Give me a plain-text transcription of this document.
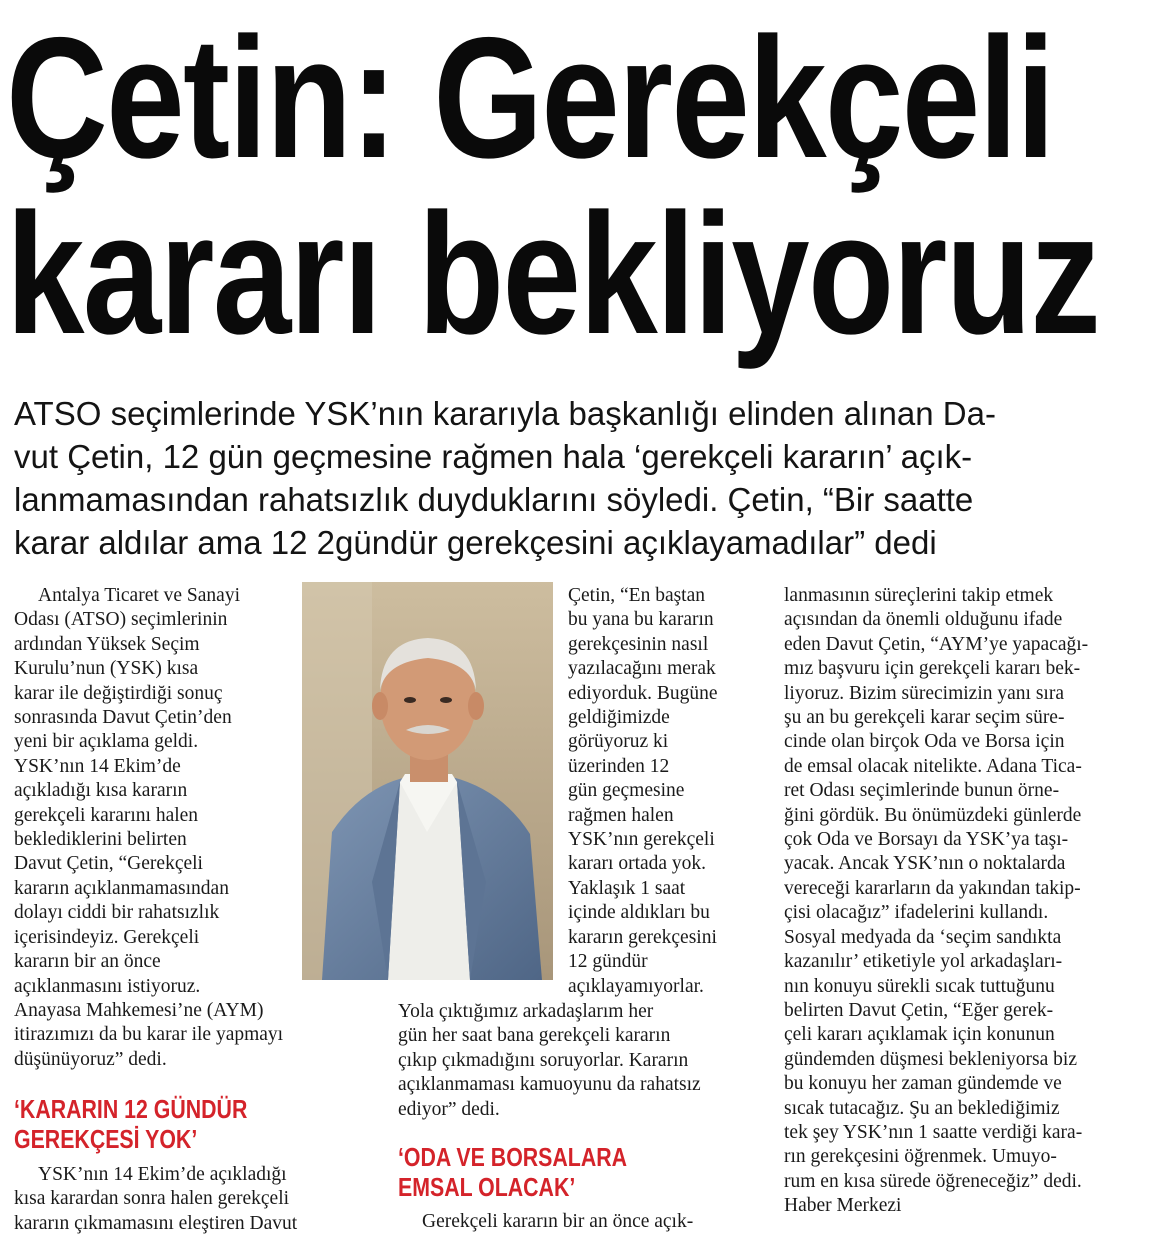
Çetin: Gerekçeli
kararı bekliyoruz
ATSO seçimlerinde YSK’nın kararıyla başkanlığı elinden alınan Da-
vut Çetin, 12 gün geçmesine rağmen hala ‘gerekçeli kararın’ açık-
lanmamasından rahatsızlık duyduklarını söyledi. Çetin, “Bir saatte
karar aldılar ama 12 2gündür gerekçesini açıklayamadılar” dedi
Antalya Ticaret ve Sanayi
Odası (ATSO) seçimlerinin
ardından Yüksek Seçim
Kurulu’nun (YSK) kısa
karar ile değiştirdiği sonuç
sonrasında Davut Çetin’den
yeni bir açıklama geldi.
YSK’nın 14 Ekim’de
açıkladığı kısa kararın
gerekçeli kararını halen
beklediklerini belirten
Davut Çetin, “Gerekçeli
kararın açıklanmamasından
dolayı ciddi bir rahatsızlık
içerisindeyiz. Gerekçeli
kararın bir an önce
açıklanmasını istiyoruz.
Anayasa Mahkemesi’ne (AYM)
itirazımızı da bu karar ile yapmayı
düşünüyoruz” dedi.
‘KARARIN 12 GÜNDÜR
GEREKÇESİ YOK’
YSK’nın 14 Ekim’de açıkladığı
kısa karardan sonra halen gerekçeli
kararın çıkmamasını eleştiren Davut
Çetin, “En baştan
bu yana bu kararın
gerekçesinin nasıl
yazılacağını merak
ediyorduk. Bugüne
geldiğimizde
görüyoruz ki
üzerinden 12
gün geçmesine
rağmen halen
YSK’nın gerekçeli
kararı ortada yok.
Yaklaşık 1 saat
içinde aldıkları bu
kararın gerekçesini
12 gündür
açıklayamıyorlar.
Yola çıktığımız arkadaşlarım her
gün her saat bana gerekçeli kararın
çıkıp çıkmadığını soruyorlar. Kararın
açıklanmaması kamuoyunu da rahatsız
ediyor” dedi.
‘ODA VE BORSALARA
EMSAL OLACAK’
Gerekçeli kararın bir an önce açık-
lanmasının süreçlerini takip etmek
açısından da önemli olduğunu ifade
eden Davut Çetin, “AYM’ye yapacağı-
mız başvuru için gerekçeli kararı bek-
liyoruz. Bizim sürecimizin yanı sıra
şu an bu gerekçeli karar seçim süre-
cinde olan birçok Oda ve Borsa için
de emsal olacak nitelikte. Adana Tica-
ret Odası seçimlerinde bunun örne-
ğini gördük. Bu önümüzdeki günlerde
çok Oda ve Borsayı da YSK’ya taşı-
yacak. Ancak YSK’nın o noktalarda
vereceği kararların da yakından takip-
çisi olacağız” ifadelerini kullandı.
Sosyal medyada da ‘seçim sandıkta
kazanılır’ etiketiyle yol arkadaşları-
nın konuyu sürekli sıcak tuttuğunu
belirten Davut Çetin, “Eğer gerek-
çeli kararı açıklamak için konunun
gündemden düşmesi bekleniyorsa biz
bu konuyu her zaman gündemde ve
sıcak tutacağız. Şu an beklediğimiz
tek şey YSK’nın 1 saatte verdiği kara-
rın gerekçesini öğrenmek. Umuyo-
rum en kısa sürede öğreneceğiz” dedi.
Haber Merkezi
